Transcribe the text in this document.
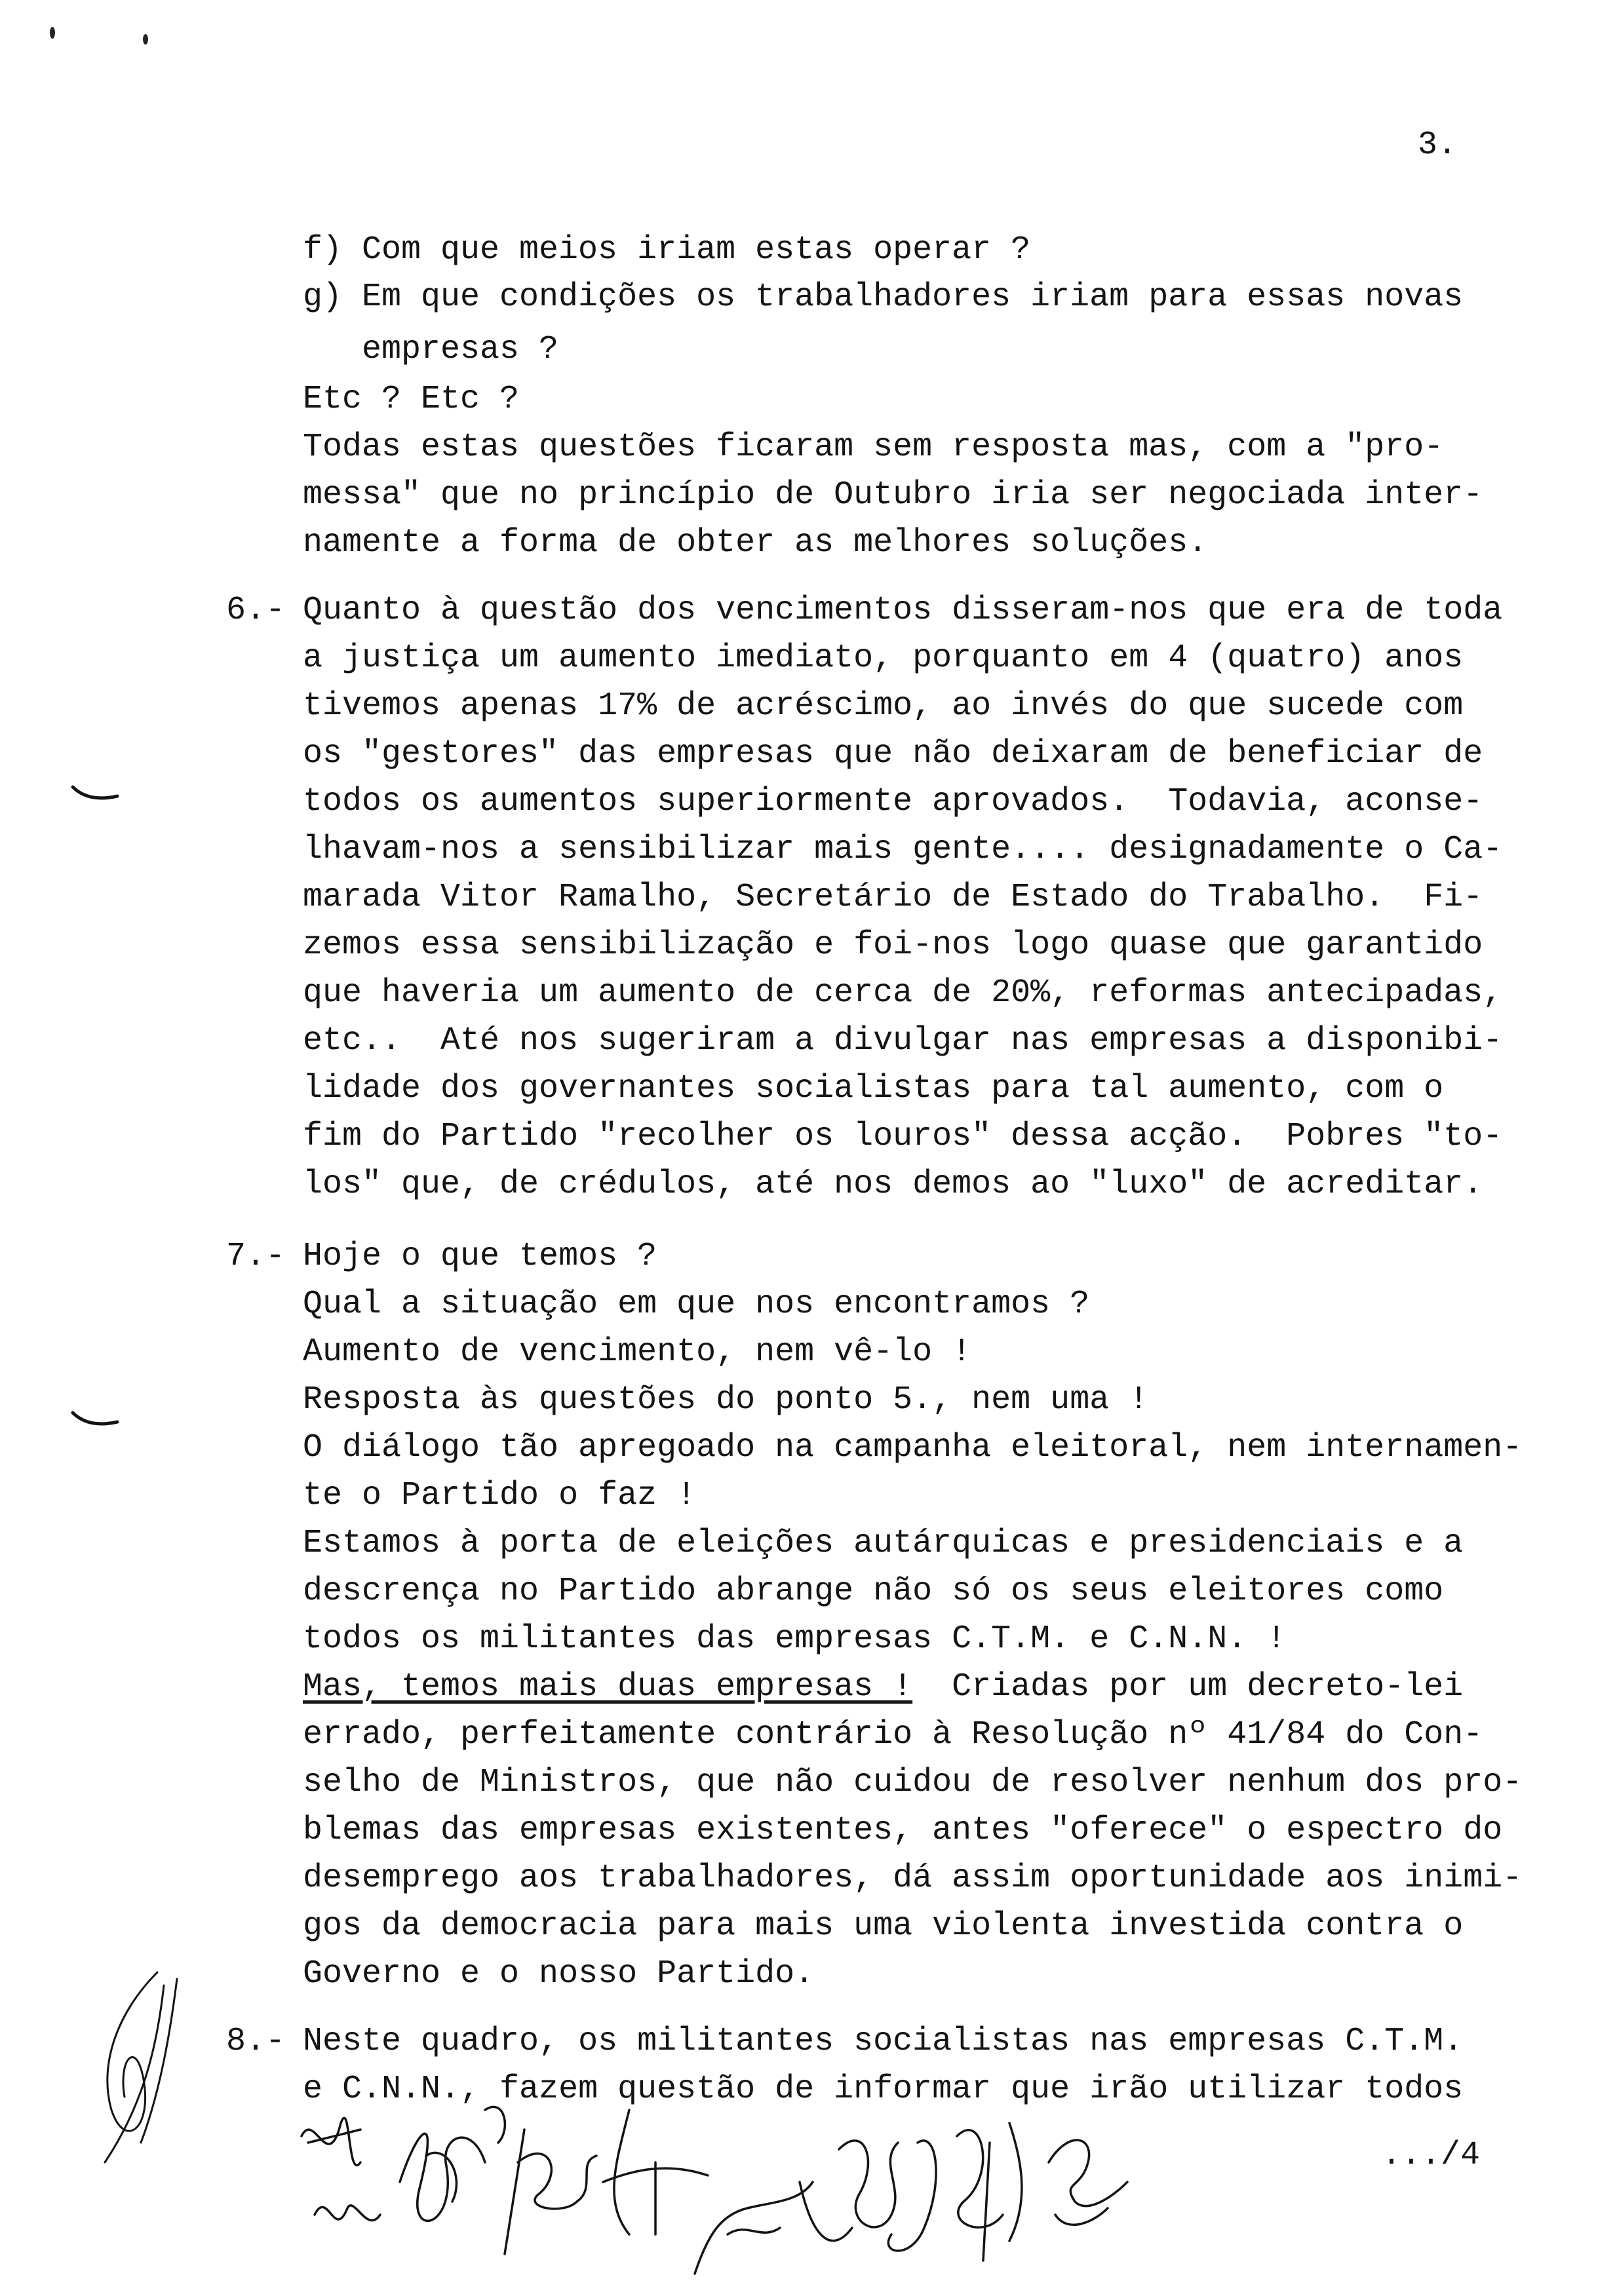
3.
f) Com que meios iriam estas operar ?
g) Em que condições os trabalhadores iriam para essas novas
empresas ?
Etc ? Etc ?
Todas estas questões ficaram sem resposta mas, com a "pro-
messa" que no princípio de Outubro iria ser negociada inter-
namente a forma de obter as melhores soluções.
6.- Quanto à questão dos vencimentos disseram-nos que era de toda
a justiça um aumento imediato, porquanto em 4 (quatro) anos
tivemos apenas 17% de acréscimo, ao invés do que sucede com
os "gestores" das empresas que não deixaram de beneficiar de
todos os aumentos superiormente aprovados.  Todavia, aconse-
lhavam-nos a sensibilizar mais gente.... designadamente o Ca-
marada Vitor Ramalho, Secretário de Estado do Trabalho.  Fi-
zemos essa sensibilização e foi-nos logo quase que garantido
que haveria um aumento de cerca de 20%, reformas antecipadas,
etc..  Até nos sugeriram a divulgar nas empresas a disponibi-
lidade dos governantes socialistas para tal aumento, com o
fim do Partido "recolher os louros" dessa acção.  Pobres "to-
los" que, de crédulos, até nos demos ao "luxo" de acreditar.
7.- Hoje o que temos ?
Qual a situação em que nos encontramos ?
Aumento de vencimento, nem vê-lo !
Resposta às questões do ponto 5., nem uma !
O diálogo tão apregoado na campanha eleitoral, nem internamen-
te o Partido o faz !
Estamos à porta de eleições autárquicas e presidenciais e a
descrença no Partido abrange não só os seus eleitores como
todos os militantes das empresas C.T.M. e C.N.N. !
Mas, temos mais duas empresas !  Criadas por um decreto-lei
errado, perfeitamente contrário à Resolução nº 41/84 do Con-
selho de Ministros, que não cuidou de resolver nenhum dos pro-
blemas das empresas existentes, antes "oferece" o espectro do
desemprego aos trabalhadores, dá assim oportunidade aos inimi-
gos da democracia para mais uma violenta investida contra o
Governo e o nosso Partido.
8.- Neste quadro, os militantes socialistas nas empresas C.T.M.
e C.N.N., fazem questão de informar que irão utilizar todos
.../4
